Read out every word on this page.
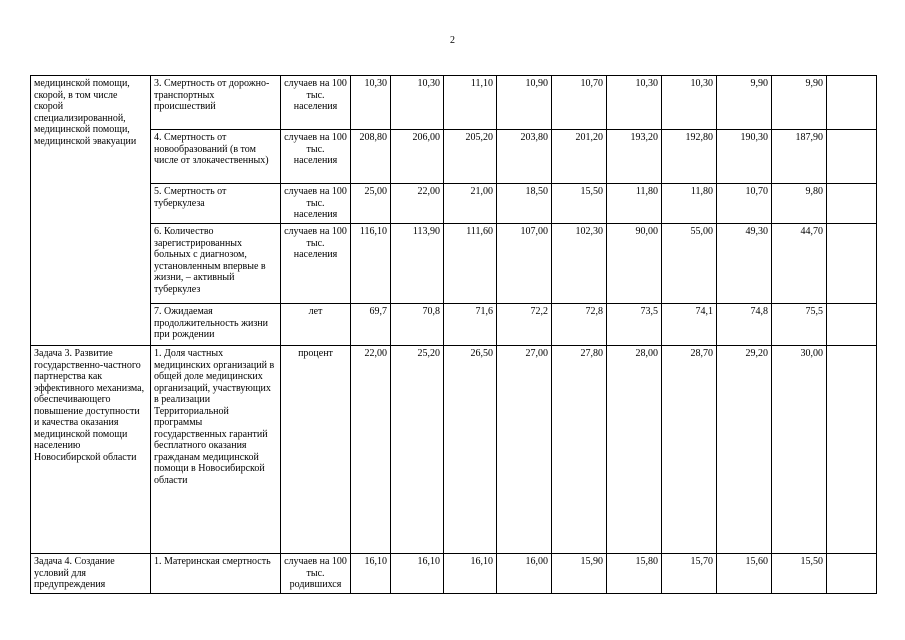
2
медицинской помощи, скорой, в том числе скорой специализированной, медицинской помощи, медицинской эвакуации	3. Смертность от дорожно-транспортных происшествий	случаев на 100 тыс. населения	10,30	10,30	11,10	10,90	10,70	10,30	10,30	9,90	9,90	
	4. Смертность от новообразований (в том числе от злокачественных)	случаев на 100 тыс. населения	208,80	206,00	205,20	203,80	201,20	193,20	192,80	190,30	187,90	
	5. Смертность от туберкулеза	случаев на 100 тыс. населения	25,00	22,00	21,00	18,50	15,50	11,80	11,80	10,70	9,80	
	6. Количество зарегистрированных больных с диагнозом, установленным впервые в жизни, – активный туберкулез	случаев на 100 тыс. населения	116,10	113,90	111,60	107,00	102,30	90,00	55,00	49,30	44,70	
	7. Ожидаемая продолжительность жизни при рождении	лет	69,7	70,8	71,6	72,2	72,8	73,5	74,1	74,8	75,5	
Задача 3. Развитие государственно-частного партнерства как эффективного механизма, обеспечивающего повышение доступности и качества оказания медицинской помощи населению Новосибирской области	1. Доля частных медицинских организаций в общей доле медицинских организаций, участвующих в реализации Территориальной программы государственных гарантий бесплатного оказания гражданам медицинской помощи в Новосибирской области	процент	22,00	25,20	26,50	27,00	27,80	28,00	28,70	29,20	30,00	
Задача 4. Создание условий для предупреждения	1. Материнская смертность	случаев на 100 тыс. родившихся	16,10	16,10	16,10	16,00	15,90	15,80	15,70	15,60	15,50	
